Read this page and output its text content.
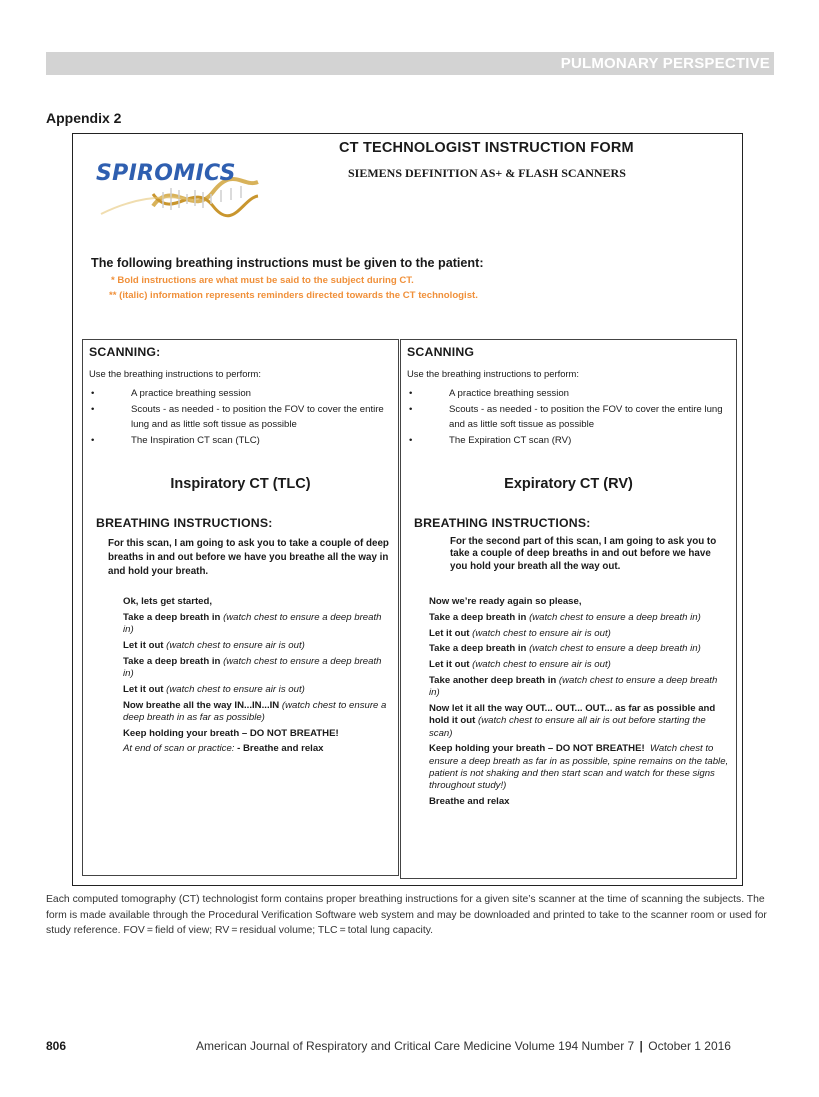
PULMONARY PERSPECTIVE
Appendix 2
SPIROMICS
CT TECHNOLOGIST INSTRUCTION FORM
SIEMENS DEFINITION AS+ & FLASH SCANNERS
The following breathing instructions must be given to the patient:
* Bold instructions are what must be said to the subject during CT.
** (italic) information represents reminders directed towards the CT technologist.
SCANNING:
Use the breathing instructions to perform:
•	A practice breathing session
•	Scouts - as needed - to position the FOV to cover the entire lung and as little soft tissue as possible
•	The Inspiration CT scan (TLC)
Inspiratory CT (TLC)
BREATHING INSTRUCTIONS:
For this scan, I am going to ask you to take a couple of deep breaths in and out before we have you breathe all the way in and hold your breath.
Ok, lets get started,
Take a deep breath in (watch chest to ensure a deep breath in)
Let it out (watch chest to ensure air is out)
Take a deep breath in (watch chest to ensure a deep breath in)
Let it out (watch chest to ensure air is out)
Now breathe all the way IN...IN...IN (watch chest to ensure a deep breath in as far as possible)
Keep holding your breath – DO NOT BREATHE!
At end of scan or practice: - Breathe and relax
SCANNING
Use the breathing instructions to perform:
•	A practice breathing session
•	Scouts - as needed - to position the FOV to cover the entire lung and as little soft tissue as possible
•	The Expiration CT scan (RV)
Expiratory CT (RV)
BREATHING INSTRUCTIONS:
For the second part of this scan, I am going to ask you to take a couple of deep breaths in and out before we have you hold your breath all the way out.
Now we’re ready again so please,
Take a deep breath in (watch chest to ensure a deep breath in)
Let it out (watch chest to ensure air is out)
Take a deep breath in (watch chest to ensure a deep breath in)
Let it out (watch chest to ensure air is out)
Take another deep breath in (watch chest to ensure a deep breath in)
Now let it all the way OUT... OUT... OUT... as far as possible and hold it out (watch chest to ensure all air is out before starting the scan)
Keep holding your breath – DO NOT BREATHE! Watch chest to ensure a deep breath as far in as possible, spine remains on the table, patient is not shaking and then start scan and watch for these signs throughout study!)
Breathe and relax
Each computed tomography (CT) technologist form contains proper breathing instructions for a given site’s scanner at the time of scanning the subjects. The form is made available through the Procedural Verification Software web system and may be downloaded and printed to take to the scanner room or used for study reference. FOV = field of view; RV = residual volume; TLC = total lung capacity.
806	American Journal of Respiratory and Critical Care Medicine Volume 194 Number 7 | October 1 2016
